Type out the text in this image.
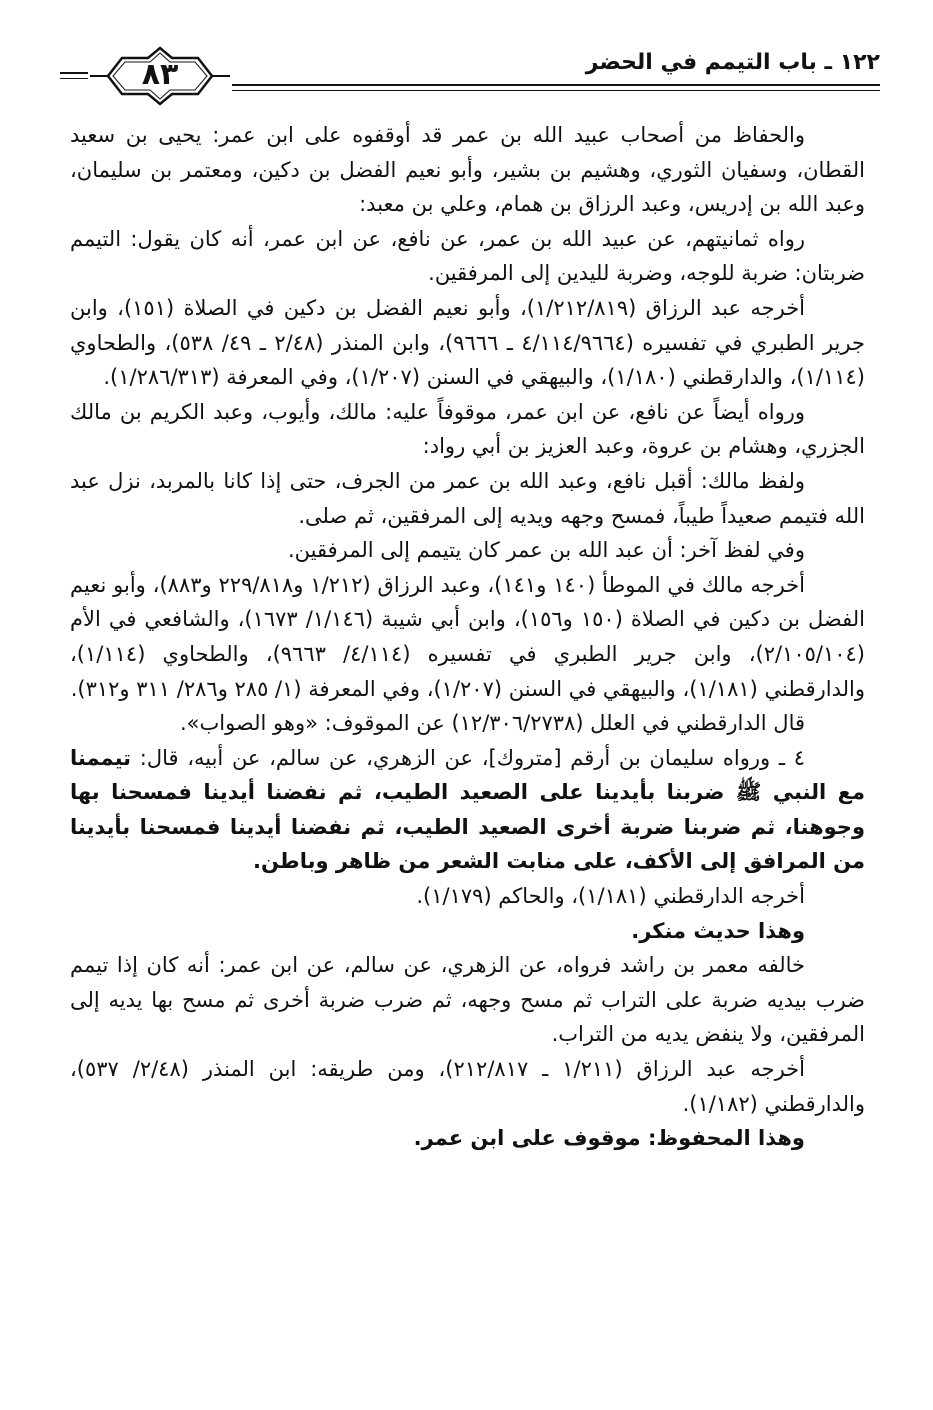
٨٣	١٢٢ ـ باب التيمم في الحضر

والحفاظ من أصحاب عبيد الله بن عمر قد أوقفوه على ابن عمر: يحيى بن سعيد القطان، وسفيان الثوري، وهشيم بن بشير، وأبو نعيم الفضل بن دكين، ومعتمر بن سليمان، وعبد الله بن إدريس، وعبد الرزاق بن همام، وعلي بن معبد:

رواه ثمانيتهم، عن عبيد الله بن عمر، عن نافع، عن ابن عمر، أنه كان يقول: التيمم ضربتان: ضربة للوجه، وضربة لليدين إلى المرفقين.

أخرجه عبد الرزاق (١/٢١٢/٨١٩)، وأبو نعيم الفضل بن دكين في الصلاة (١٥١)، وابن جرير الطبري في تفسيره (٤/١١٤/٩٦٦٤ ـ ٩٦٦٦)، وابن المنذر (٢/٤٨ ـ ٤٩/ ٥٣٨)، والطحاوي (١/١١٤)، والدارقطني (١/١٨٠)، والبيهقي في السنن (١/٢٠٧)، وفي المعرفة (١/٢٨٦/٣١٣).

ورواه أيضاً عن نافع، عن ابن عمر، موقوفاً عليه: مالك، وأيوب، وعبد الكريم بن مالك الجزري، وهشام بن عروة، وعبد العزيز بن أبي رواد:

ولفظ مالك: أقبل نافع، وعبد الله بن عمر من الجرف، حتى إذا كانا بالمربد، نزل عبد الله فتيمم صعيداً طيباً، فمسح وجهه ويديه إلى المرفقين، ثم صلى.

وفي لفظ آخر: أن عبد الله بن عمر كان يتيمم إلى المرفقين.

أخرجه مالك في الموطأ (١٤٠ و١٤١)، وعبد الرزاق (١/٢١٢ و٢٢٩/٨١٨ و٨٨٣)، وأبو نعيم الفضل بن دكين في الصلاة (١٥٠ و١٥٦)، وابن أبي شيبة (١/١٤٦/ ١٦٧٣)، والشافعي في الأم (٢/١٠٥/١٠٤)، وابن جرير الطبري في تفسيره (٤/١١٤/ ٩٦٦٣)، والطحاوي (١/١١٤)، والدارقطني (١/١٨١)، والبيهقي في السنن (١/٢٠٧)، وفي المعرفة (١/ ٢٨٥ و٢٨٦/ ٣١١ و٣١٢).

قال الدارقطني في العلل (١٢/٣٠٦/٢٧٣٨) عن الموقوف: «وهو الصواب».

٤ ـ ورواه سليمان بن أرقم [متروك]، عن الزهري، عن سالم، عن أبيه، قال: تيممنا مع النبي ﷺ ضربنا بأيدينا على الصعيد الطيب، ثم نفضنا أيدينا فمسحنا بها وجوهنا، ثم ضربنا ضربة أخرى الصعيد الطيب، ثم نفضنا أيدينا فمسحنا بأيدينا من المرافق إلى الأكف، على منابت الشعر من ظاهر وباطن.

أخرجه الدارقطني (١/١٨١)، والحاكم (١/١٧٩).

وهذا حديث منكر.

خالفه معمر بن راشد فرواه، عن الزهري، عن سالم، عن ابن عمر: أنه كان إذا تيمم ضرب بيديه ضربة على التراب ثم مسح وجهه، ثم ضرب ضربة أخرى ثم مسح بها يديه إلى المرفقين، ولا ينفض يديه من التراب.

أخرجه عبد الرزاق (١/٢١١ ـ ٢١٢/٨١٧)، ومن طريقه: ابن المنذر (٢/٤٨/ ٥٣٧)، والدارقطني (١/١٨٢).

وهذا المحفوظ: موقوف على ابن عمر.
